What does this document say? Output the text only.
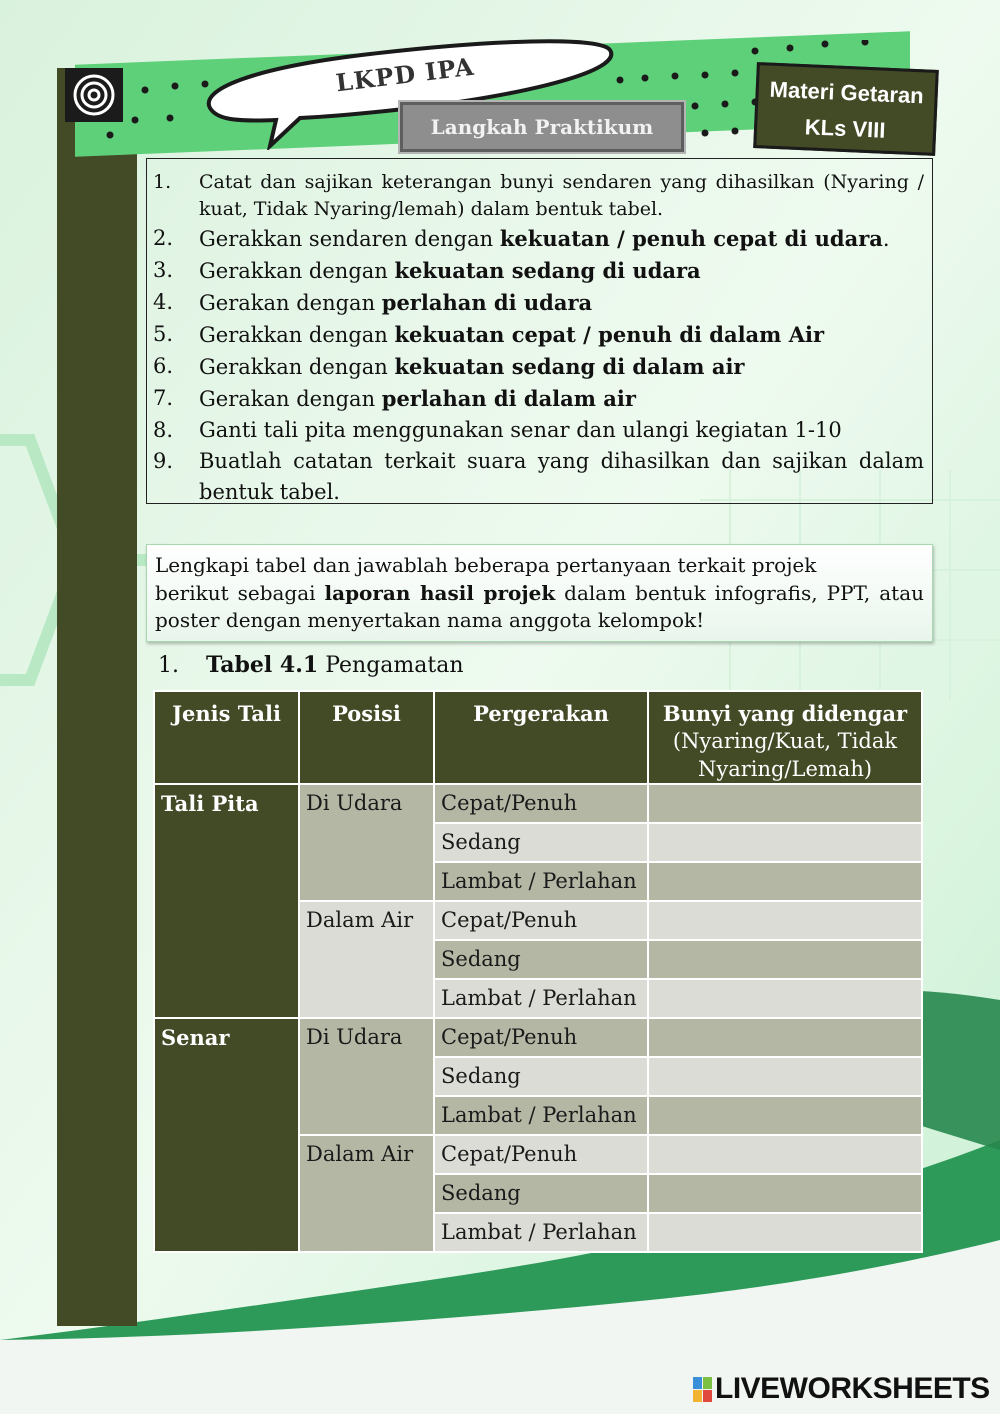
LKPD IPA
Langkah Praktikum
Materi Getaran
KLs VIII
1.	Catat dan sajikan keterangan bunyi sendaren yang dihasilkan (Nyaring / kuat, Tidak Nyaring/lemah) dalam bentuk tabel.
2.	Gerakkan sendaren dengan kekuatan / penuh cepat di udara.
3.	Gerakkan dengan kekuatan sedang di udara
4.	Gerakan dengan perlahan di udara
5.	Gerakkan dengan kekuatan cepat / penuh di dalam Air
6.	Gerakkan dengan kekuatan sedang di dalam air
7.	Gerakan dengan perlahan di dalam air
8.	Ganti tali pita menggunakan senar dan ulangi kegiatan 1-10
9.	Buatlah catatan terkait suara yang dihasilkan dan sajikan dalam bentuk tabel.

Lengkapi tabel dan jawablah beberapa pertanyaan terkait projek

berikut sebagai laporan hasil projek dalam bentuk infografis, PPT, atau poster dengan menyertakan nama anggota kelompok!

1. Tabel 4.1 Pengamatan
Jenis Tali	Posisi	Pergerakan	Bunyi yang didengar
(Nyaring/Kuat, Tidak Nyaring/Lemah)
Tali Pita	Di Udara	Cepat/Penuh	
		Sedang	
		Lambat / Perlahan	
	Dalam Air	Cepat/Penuh	
		Sedang	
		Lambat / Perlahan	
Senar	Di Udara	Cepat/Penuh	
		Sedang	
		Lambat / Perlahan	
	Dalam Air	Cepat/Penuh	
		Sedang	
		Lambat / Perlahan	
LIVEWORKSHEETS
